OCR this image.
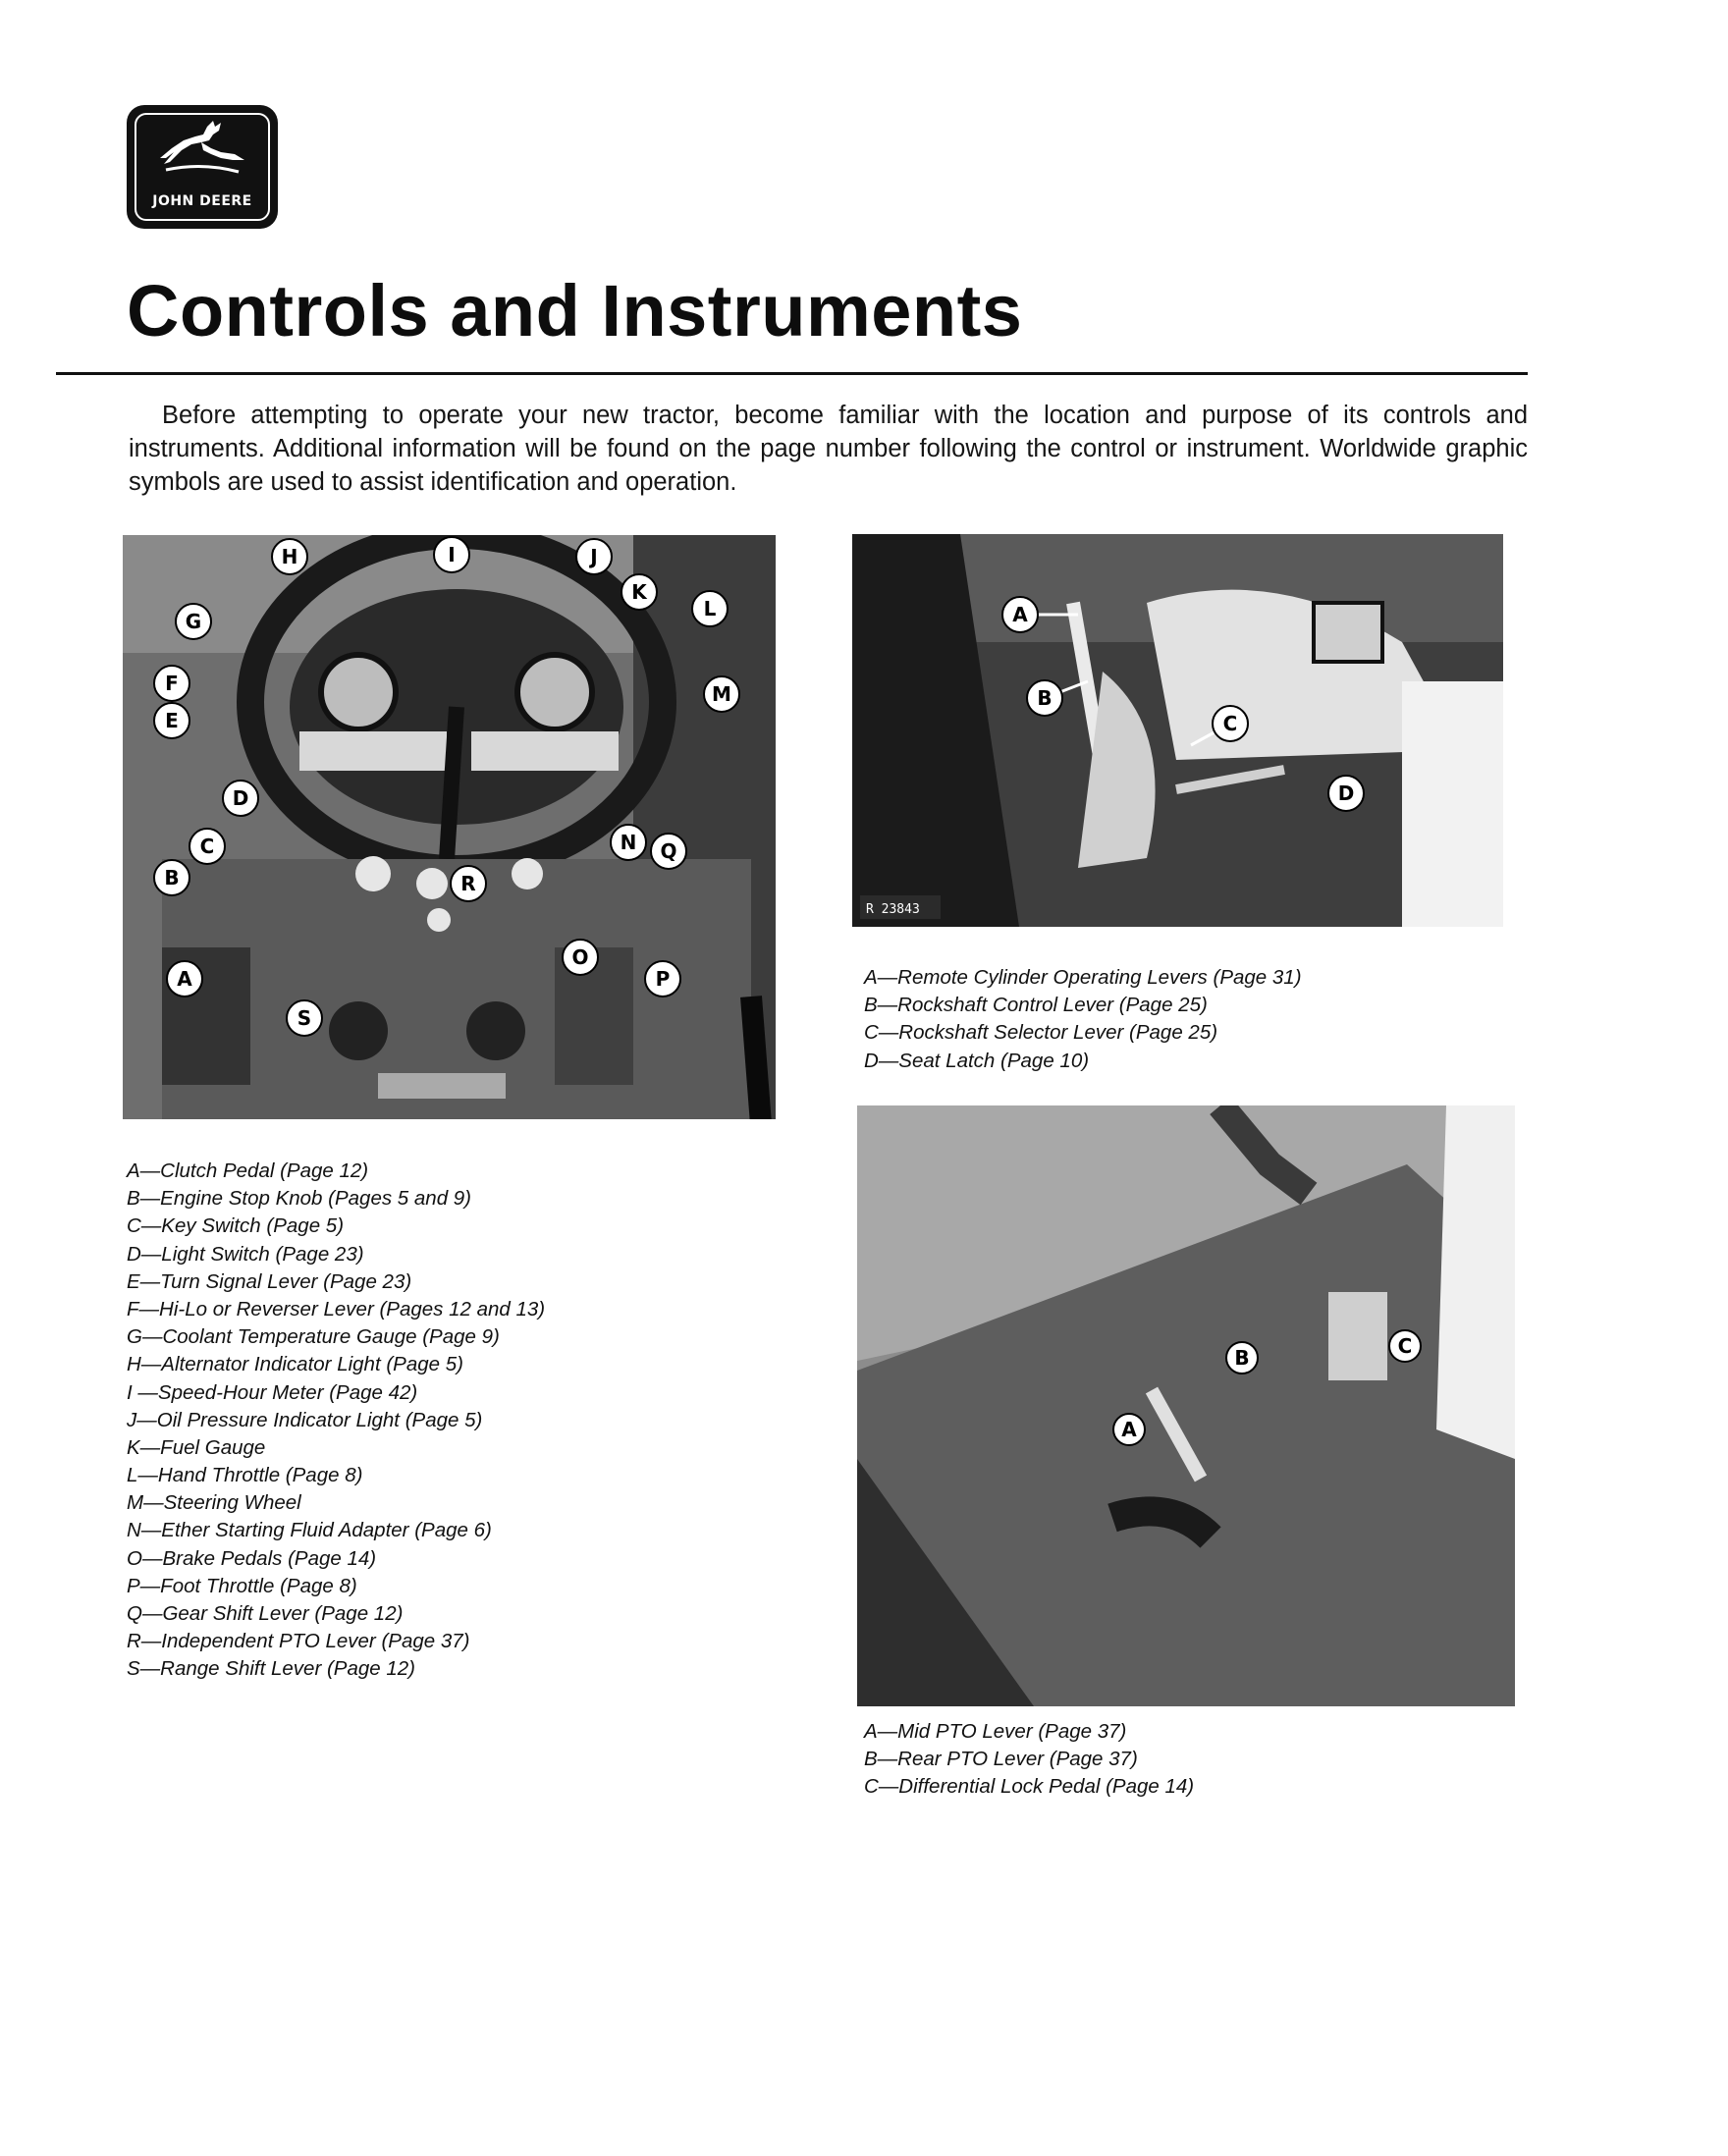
JOHN DEERE
Controls and Instruments

Before attempting to operate your new tractor, become familiar with the location and purpose of its controls and instruments. Additional information will be found on the page number following the control or instrument. Worldwide graphic symbols are used to assist identification and operation.

A
B
C
D
E
F
G
H	I	J
K
L
M
N
O
P
Q
R
S
A—Clutch Pedal (Page 12)
B—Engine Stop Knob (Pages 5 and 9)
C—Key Switch (Page 5)
D—Light Switch (Page 23)
E—Turn Signal Lever (Page 23)
F—Hi-Lo or Reverser Lever (Pages 12 and 13)
G—Coolant Temperature Gauge (Page 9)
H—Alternator Indicator Light (Page 5)
I —Speed-Hour Meter (Page 42)
J—Oil Pressure Indicator Light (Page 5)
K—Fuel Gauge
L—Hand Throttle (Page 8)
M—Steering Wheel
N—Ether Starting Fluid Adapter (Page 6)
O—Brake Pedals (Page 14)
P—Foot Throttle (Page 8)
Q—Gear Shift Lever (Page 12)
R—Independent PTO Lever (Page 37)
S—Range Shift Lever (Page 12)
R 23843
A
B
C
D
A—Remote Cylinder Operating Levers (Page 31)
B—Rockshaft Control Lever (Page 25)
C—Rockshaft Selector Lever (Page 25)
D—Seat Latch (Page 10)
A
B	C
A—Mid PTO Lever (Page 37)
B—Rear PTO Lever (Page 37)
C—Differential Lock Pedal (Page 14)
